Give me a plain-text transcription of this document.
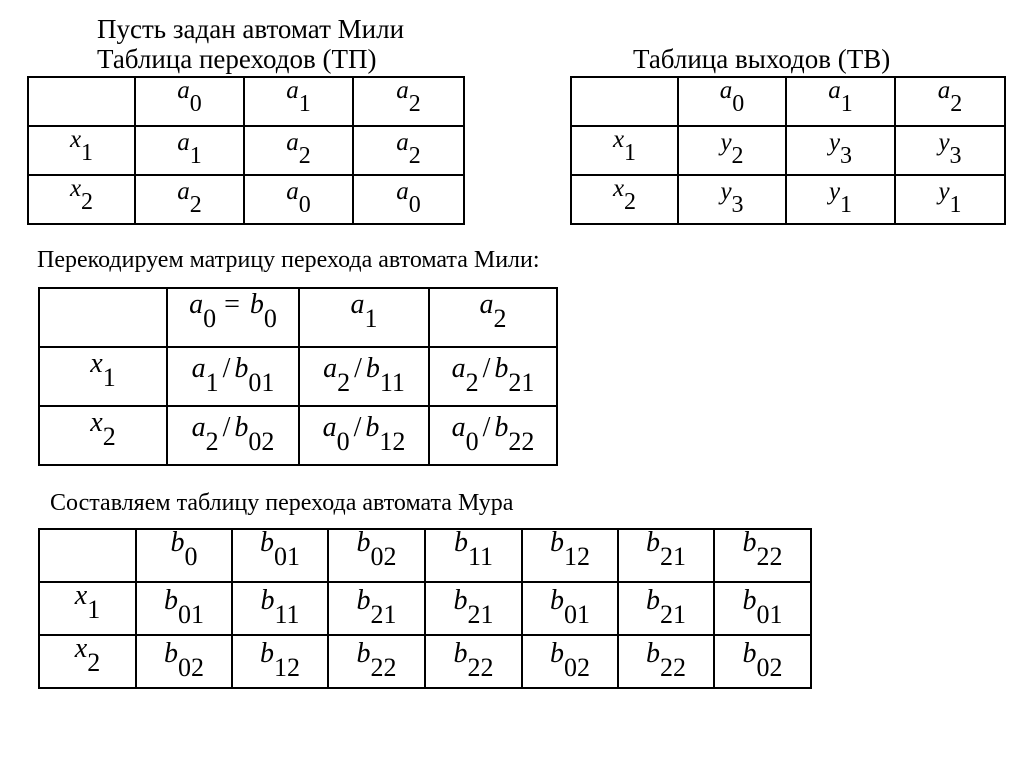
Пусть задан автомат Мили
Таблица переходов (ТП)	Таблица выходов (ТВ)
	a0	a1	a2
x1	a1	a2	a2
x2	a2	a0	a0
	a0	a1	a2
x1	y2	y3	y3
x2	y3	y1	y1
Перекодируем матрицу перехода автомата Мили:
	a0 = b0	a1	a2
x1	a1 / b01	a2 / b11	a2 / b21
x2	a2 / b02	a0 / b12	a0 / b22
Составляем таблицу перехода автомата Мура
	b0	b01	b02	b11	b12	b21	b22
x1	b01	b11	b21	b21	b01	b21	b01
x2	b02	b12	b22	b22	b02	b22	b02
